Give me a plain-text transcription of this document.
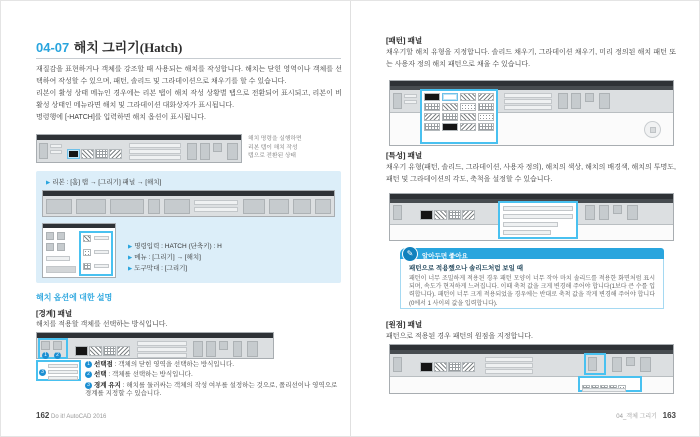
04-07 해치 그리기(Hatch)

재질감을 표현하거나 객체를 강조할 때 사용되는 해치를 작성합니다. 해치는 닫힌 영역이나 객체를 선택하여 작성할 수 있으며, 패턴, 솔리드 및 그라데이션으로 채우기를 할 수 있습니다.

리본이 활성 상태 메뉴인 경우에는 리본 탭이 해치 작성 상황별 탭으로 전환되어 표시되고, 리본이 비활성 상태인 메뉴라면 해치 및 그라데이션 대화상자가 표시됩니다.

명령행에 [-HATCH]를 입력하면 해치 옵션이 표시됩니다.

해치 명령을 실행하면 리본 탭이 해치 작성 탭으로 전환된 상태
▶ 리본 : [홈] 탭 → [그리기] 패널 → [해치]
▶ 명령입력 : HATCH (단축키) : H
▶ 메뉴 : [그리기] → [해치]
▶ 도구막대 : [그리기]
해치 옵션에 대한 설명
[경계] 패널

해치를 적용할 객체를 선택하는 방식입니다.

1	2
3
1 선택점 : 객체의 닫힌 영역을 선택하는 방식입니다.
2 선택 : 객체를 선택하는 방식입니다.
3 경계 유지 : 해치를 둘러싸는 객체의 작성 여부를 설정하는 것으로, 폴리선이나 영역으로 경계를 지정할 수 있습니다.
162 Do it! AutoCAD 2016
[패턴] 패널

채우기할 해치 유형을 지정합니다. 솔리드 채우기, 그라데이션 채우기, 미리 정의된 해치 패턴 또는 사용자 정의 해치 패턴으로 채울 수 있습니다.

[특성] 패널

채우기 유형(패턴, 솔리드, 그라데이션, 사용자 정의), 해치의 색상, 해치의 배경색, 해치의 투명도, 패턴 및 그라데이션의 각도, 축척을 설정할 수 있습니다.

✎	알아두면 좋아요

패턴으로 적용했으나 솔리드처럼 보일 때

패턴이 너무 조밀하게 적용된 경우 패턴 모양이 너무 작아 마치 솔리드를 적용한 화면처럼 표시되며, 속도가 현저하게 느려집니다. 이때 축척 값을 크게 변경해 주어야 합니다(1보다 큰 수를 입력합니다). 패턴이 너무 크게 적용되었을 경우에는 반대로 축척 값을 작게 변경해 주어야 합니다(0에서 1 사이의 값을 입력합니다).

[원점] 패널

패턴으로 적용된 경우 패턴의 원점을 지정합니다.

04_객체 그리기 163
